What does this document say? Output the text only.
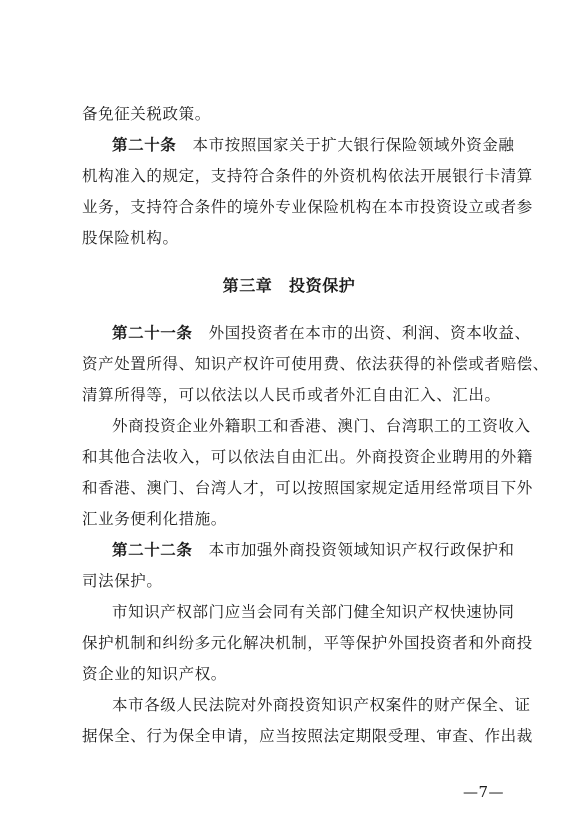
备免征关税政策。
第二十条　本市按照国家关于扩大银行保险领域外资金融
机构准入的规定，支持符合条件的外资机构依法开展银行卡清算
业务，支持符合条件的境外专业保险机构在本市投资设立或者参
股保险机构。
第三章　投资保护
第二十一条　外国投资者在本市的出资、利润、资本收益、
资产处置所得、知识产权许可使用费、依法获得的补偿或者赔偿、
清算所得等，可以依法以人民币或者外汇自由汇入、汇出。
外商投资企业外籍职工和香港、澳门、台湾职工的工资收入
和其他合法收入，可以依法自由汇出。外商投资企业聘用的外籍
和香港、澳门、台湾人才，可以按照国家规定适用经常项目下外
汇业务便利化措施。
第二十二条　本市加强外商投资领域知识产权行政保护和
司法保护。
市知识产权部门应当会同有关部门健全知识产权快速协同
保护机制和纠纷多元化解决机制，平等保护外国投资者和外商投
资企业的知识产权。
本市各级人民法院对外商投资知识产权案件的财产保全、证
据保全、行为保全申请，应当按照法定期限受理、审查、作出裁
—7—
